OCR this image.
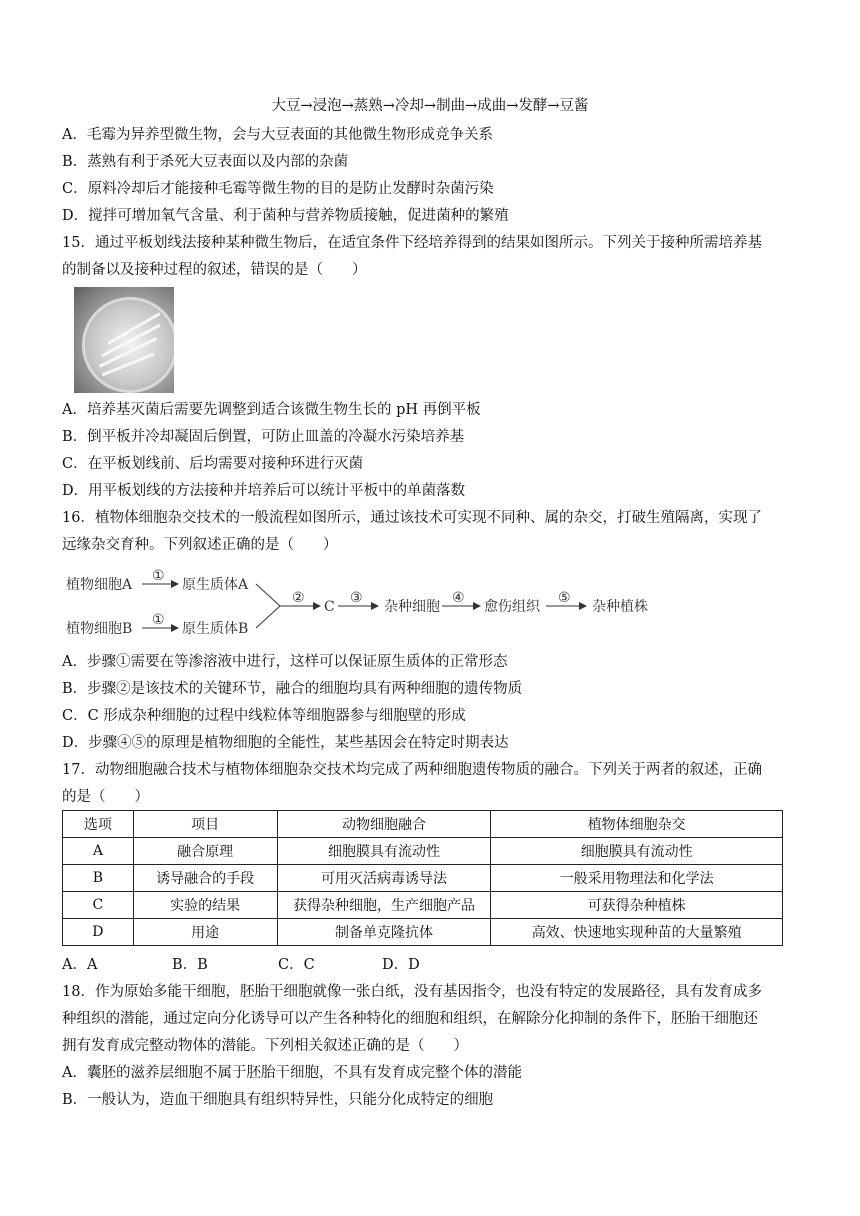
大豆→浸泡→蒸熟→冷却→制曲→成曲→发酵→豆酱
A．毛霉为异养型微生物，会与大豆表面的其他微生物形成竞争关系
B．蒸熟有利于杀死大豆表面以及内部的杂菌
C．原料冷却后才能接种毛霉等微生物的目的是防止发酵时杂菌污染
D．搅拌可增加氧气含量、利于菌种与营养物质接触，促进菌种的繁殖
15．通过平板划线法接种某种微生物后，在适宜条件下经培养得到的结果如图所示。下列关于接种所需培养基
的制备以及接种过程的叙述，错误的是（　　）
A．培养基灭菌后需要先调整到适合该微生物生长的 pH 再倒平板
B．倒平板并冷却凝固后倒置，可防止皿盖的冷凝水污染培养基
C．在平板划线前、后均需要对接种环进行灭菌
D．用平板划线的方法接种并培养后可以统计平板中的单菌落数
16．植物体细胞杂交技术的一般流程如图所示，通过该技术可实现不同种、属的杂交，打破生殖隔离，实现了
远缘杂交育种。下列叙述正确的是（　　）
植物细胞A
植物细胞B
①
①
原生质体A
原生质体B
②
C
③
杂种细胞
④
愈伤组织
⑤
杂种植株
A．步骤①需要在等渗溶液中进行，这样可以保证原生质体的正常形态
B．步骤②是该技术的关键环节，融合的细胞均具有两种细胞的遗传物质
C．C 形成杂种细胞的过程中线粒体等细胞器参与细胞壁的形成
D．步骤④⑤的原理是植物细胞的全能性，某些基因会在特定时期表达
17．动物细胞融合技术与植物体细胞杂交技术均完成了两种细胞遗传物质的融合。下列关于两者的叙述，正确
的是（　　）
选项	项目	动物细胞融合	植物体细胞杂交
A	融合原理	细胞膜具有流动性	细胞膜具有流动性
B	诱导融合的手段	可用灭活病毒诱导法	一般采用物理法和化学法
C	实验的结果	获得杂种细胞，生产细胞产品	可获得杂种植株
D	用途	制备单克隆抗体	高效、快速地实现种苗的大量繁殖
A．A	B．B	C．C	D．D
18．作为原始多能干细胞，胚胎干细胞就像一张白纸，没有基因指令，也没有特定的发展路径，具有发育成多
种组织的潜能，通过定向分化诱导可以产生各种特化的细胞和组织，在解除分化抑制的条件下，胚胎干细胞还
拥有发育成完整动物体的潜能。下列相关叙述正确的是（　　）
A．囊胚的滋养层细胞不属于胚胎干细胞，不具有发育成完整个体的潜能
B．一般认为，造血干细胞具有组织特异性，只能分化成特定的细胞
